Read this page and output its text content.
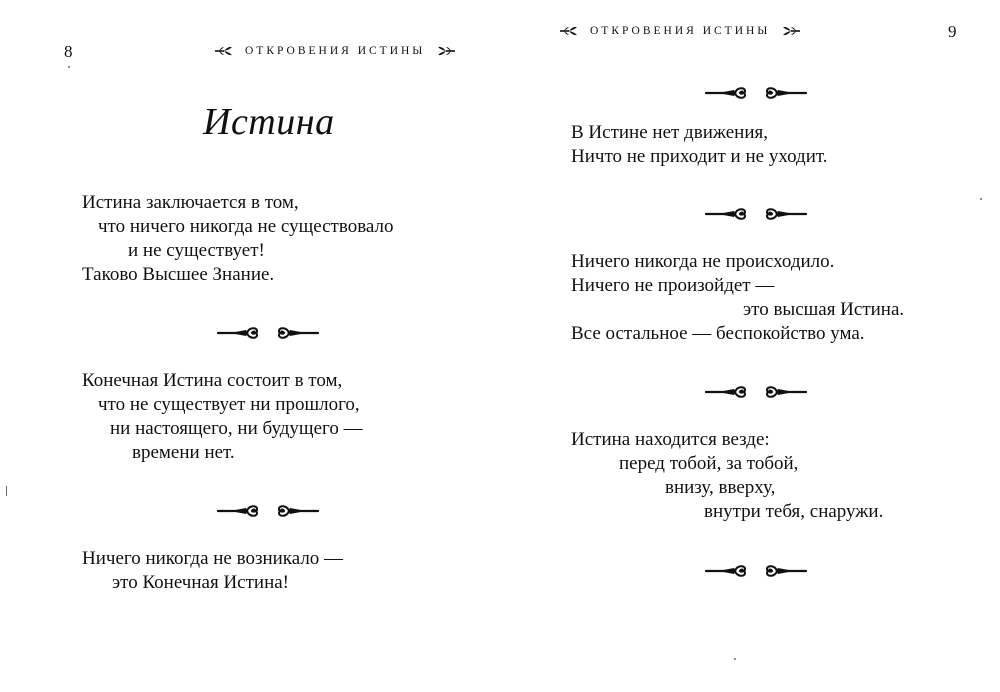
8	ОТКРОВЕНИЯ ИСТИНЫ
Истина
Истина заключается в том,
что ничего никогда не существовало
и не существует!
Таково Высшее Знание.
Конечная Истина состоит в том,
что не существует ни прошлого,
ни настоящего, ни будущего —
времени нет.
Ничего никогда не возникало —
это Конечная Истина!
ОТКРОВЕНИЯ ИСТИНЫ	9
В Истине нет движения,
Ничто не приходит и не уходит.
Ничего никогда не происходило.
Ничего не произойдет —
это высшая Истина.
Все остальное — беспокойство ума.
Истина находится везде:
перед тобой, за тобой,
внизу, вверху,
внутри тебя, снаружи.
